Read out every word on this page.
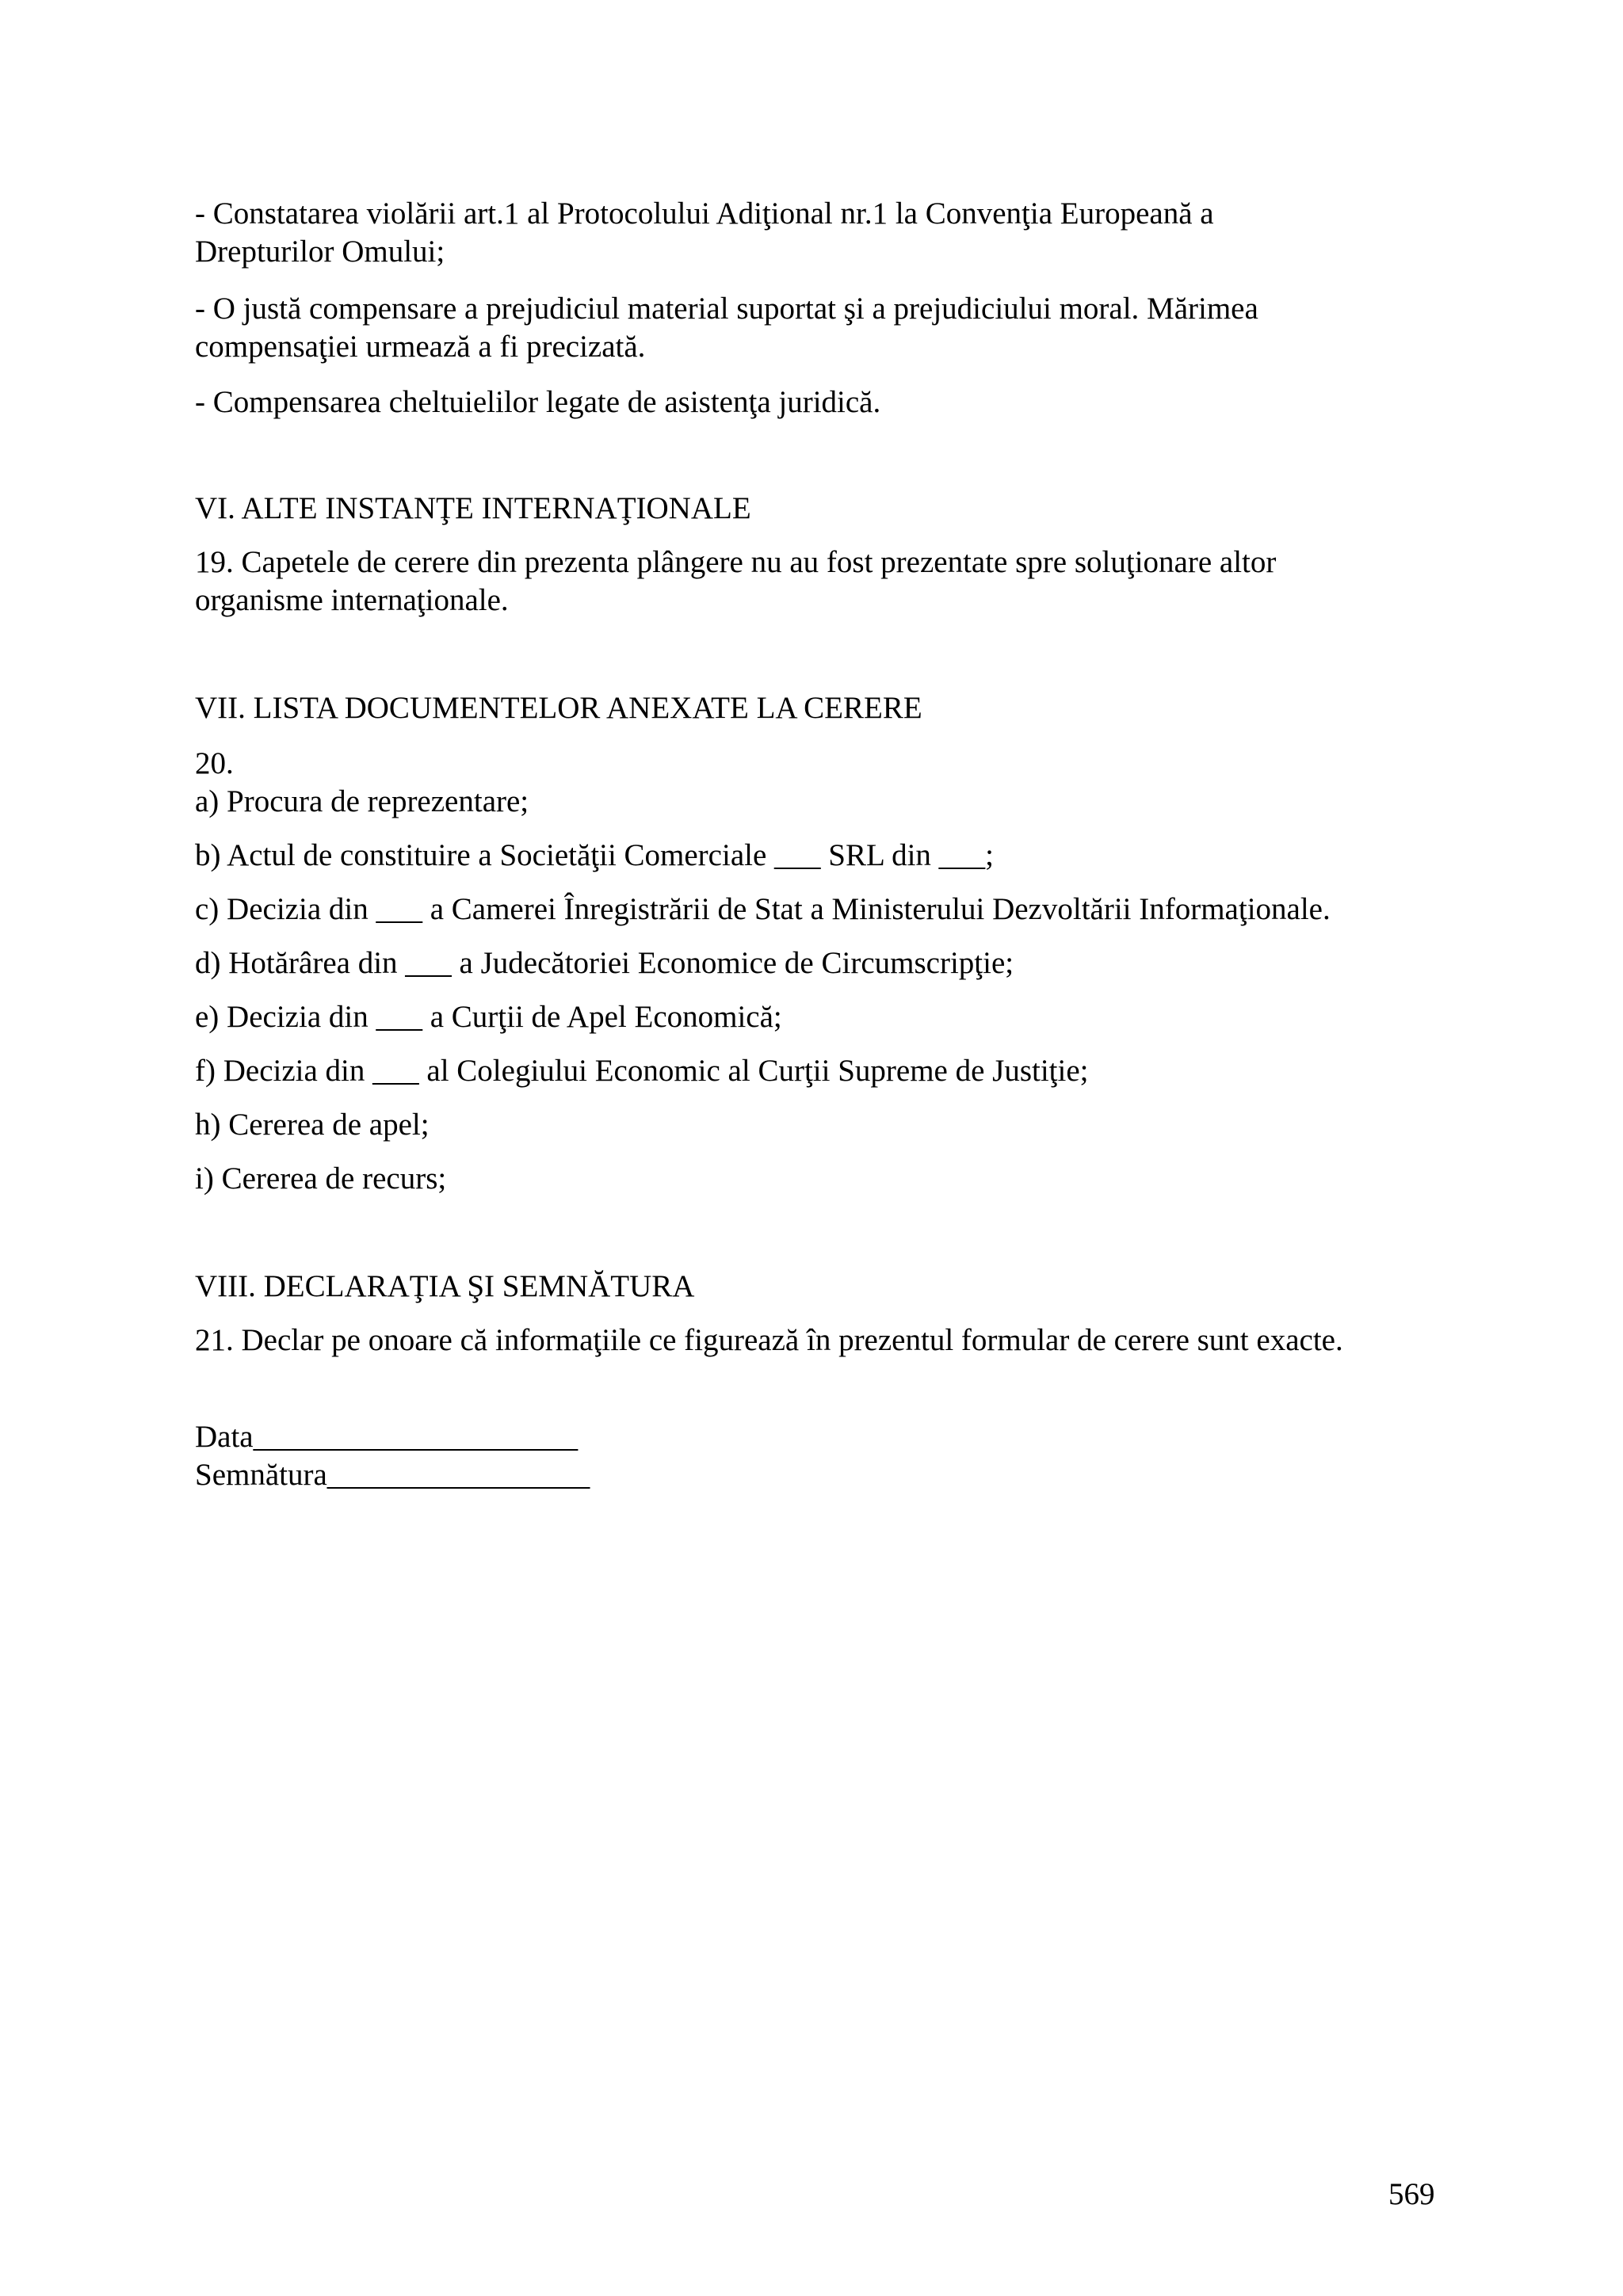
- Constatarea violării art.1 al Protocolului Adiţional nr.1 la Convenţia Europeană a
Drepturilor Omului;
- O justă compensare a prejudiciul material suportat şi a prejudiciului moral. Mărimea
compensaţiei urmează a fi precizată.
- Compensarea cheltuielilor legate de asistenţa juridică.
VI. ALTE INSTANŢE INTERNAŢIONALE
19. Capetele de cerere din prezenta plângere nu au fost prezentate spre soluţionare altor
organisme internaţionale.
VII. LISTA DOCUMENTELOR ANEXATE LA CERERE
20.
a) Procura de reprezentare;
b) Actul de constituire a Societăţii Comerciale ___ SRL din ___;
c) Decizia din ___ a Camerei Înregistrării de Stat a Ministerului Dezvoltării Informaţionale.
d) Hotărârea din ___ a Judecătoriei Economice de Circumscripţie;
e) Decizia din ___ a Curţii de Apel Economică;
f) Decizia din ___ al Colegiului Economic al Curţii Supreme de Justiţie;
h) Cererea de apel;
i) Cererea de recurs;
VIII. DECLARAŢIA ŞI SEMNĂTURA
21. Declar pe onoare că informaţiile ce figurează în prezentul formular de cerere sunt exacte.
Data_____________________
Semnătura_________________
569
